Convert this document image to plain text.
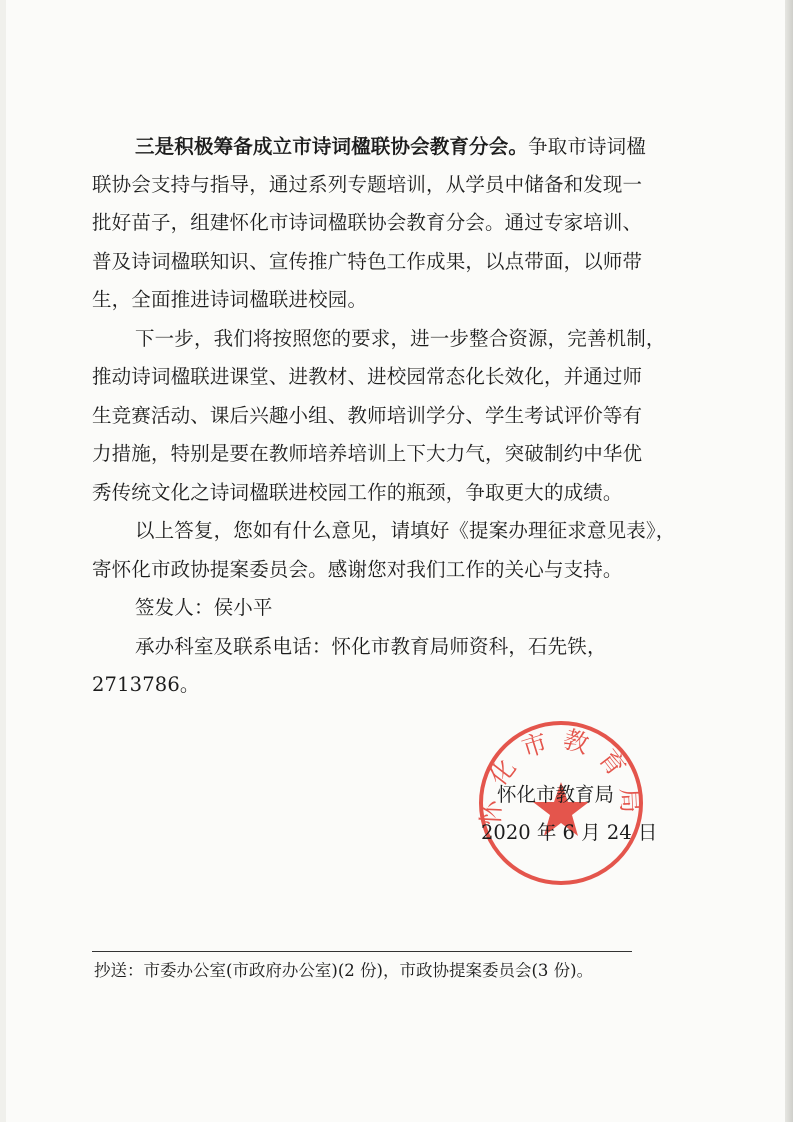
三是积极筹备成立市诗词楹联协会教育分会。争取市诗词楹

联协会支持与指导，通过系列专题培训，从学员中储备和发现一

批好苗子，组建怀化市诗词楹联协会教育分会。通过专家培训、

普及诗词楹联知识、宣传推广特色工作成果，以点带面，以师带

生，全面推进诗词楹联进校园。

下一步，我们将按照您的要求，进一步整合资源，完善机制，

推动诗词楹联进课堂、进教材、进校园常态化长效化，并通过师

生竞赛活动、课后兴趣小组、教师培训学分、学生考试评价等有

力措施，特别是要在教师培养培训上下大力气，突破制约中华优

秀传统文化之诗词楹联进校园工作的瓶颈，争取更大的成绩。

以上答复，您如有什么意见，请填好《提案办理征求意见表》，

寄怀化市政协提案委员会。感谢您对我们工作的关心与支持。

签发人：侯小平

承办科室及联系电话：怀化市教育局师资科，石先铁，

2713786。

怀化市教育局
怀化市教育局
2020 年 6 月 24 日
抄送：市委办公室(市政府办公室)(2 份)，市政协提案委员会(3 份)。
